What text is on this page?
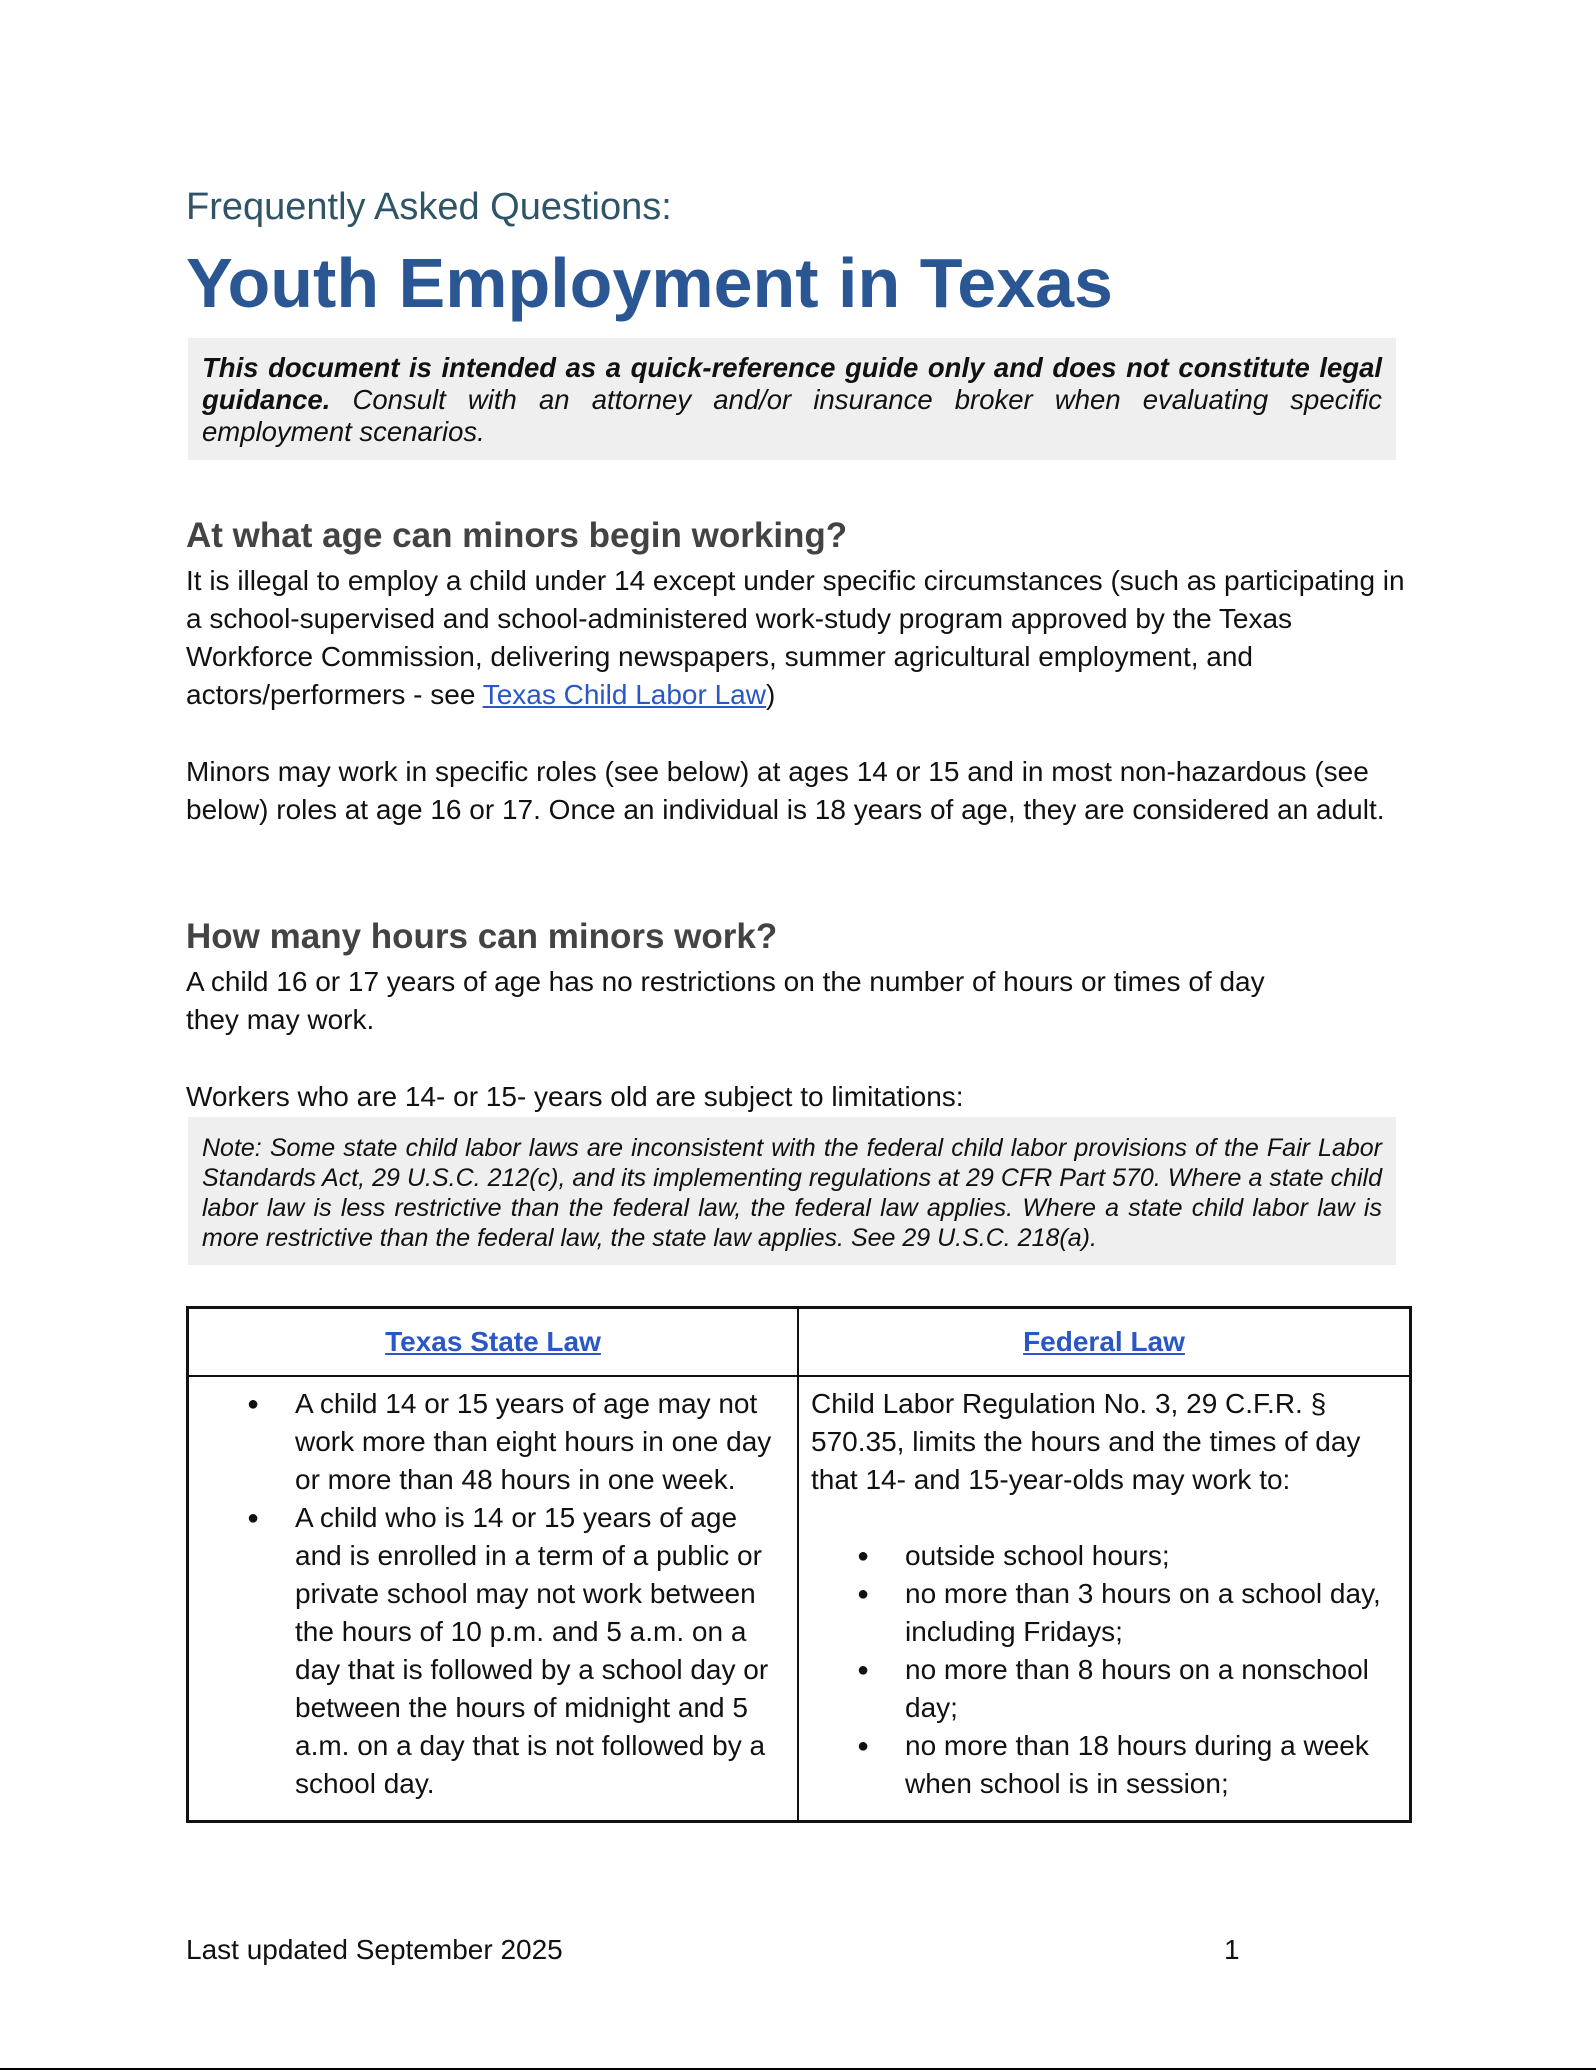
Frequently Asked Questions:
Youth Employment in Texas
This document is intended as a quick-reference guide only and does not constitute legal guidance. Consult with an attorney and/or insurance broker when evaluating specific employment scenarios.
At what age can minors begin working?

It is illegal to employ a child under 14 except under specific circumstances (such as participating in a school-supervised and school-administered work-study program approved by the Texas Workforce Commission, delivering newspapers, summer agricultural employment, and actors/performers - see Texas Child Labor Law)

Minors may work in specific roles (see below) at ages 14 or 15 and in most non-hazardous (see below) roles at age 16 or 17. Once an individual is 18 years of age, they are considered an adult.

How many hours can minors work?

A child 16 or 17 years of age has no restrictions on the number of hours or times of day
they may work.

Workers who are 14- or 15- years old are subject to limitations:

Note: Some state child labor laws are inconsistent with the federal child labor provisions of the Fair Labor Standards Act, 29 U.S.C. 212(c), and its implementing regulations at 29 CFR Part 570. Where a state child labor law is less restrictive than the federal law, the federal law applies. Where a state child labor law is more restrictive than the federal law, the state law applies. See 29 U.S.C. 218(a).
Texas State Law	Federal Law
● A child 14 or 15 years of age may not work more than eight hours in one day or more than 48 hours in one week.
● A child who is 14 or 15 years of age and is enrolled in a term of a public or private school may not work between the hours of 10 p.m. and 5 a.m. on a day that is followed by a school day or between the hours of midnight and 5 a.m. on a day that is not followed by a school day.
Child Labor Regulation No. 3, 29 C.F.R. § 570.35, limits the hours and the times of day that 14- and 15-year-olds may work to:
● outside school hours;
● no more than 3 hours on a school day, including Fridays;
● no more than 8 hours on a nonschool day;
● no more than 18 hours during a week when school is in session;
Last updated September 2025	1
